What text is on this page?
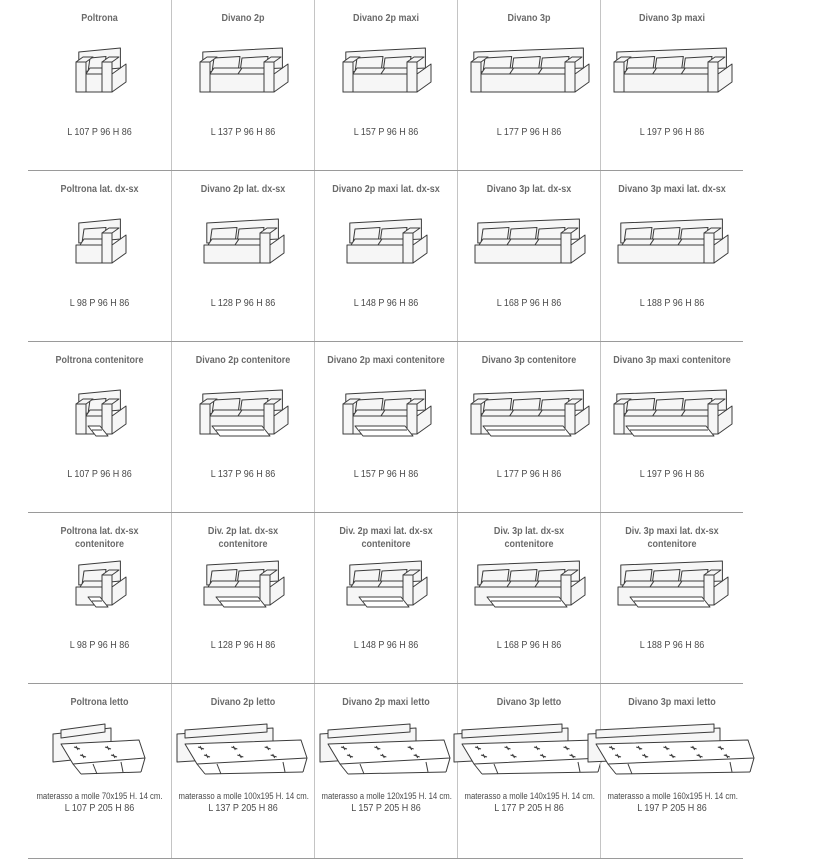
Poltrona
L 107 P 96 H 86
Divano 2p
L 137 P 96 H 86
Divano 2p maxi
L 157 P 96 H 86
Divano 3p
L 177 P 96 H 86
Divano 3p maxi
L 197 P 96 H 86
Poltrona lat. dx-sx
L 98 P 96 H 86
Divano 2p lat. dx-sx
L 128 P 96 H 86
Divano 2p maxi lat. dx-sx
L 148 P 96 H 86
Divano 3p lat. dx-sx
L 168 P 96 H 86
Divano 3p maxi lat. dx-sx
L 188 P 96 H 86
Poltrona contenitore
L 107 P 96 H 86
Divano 2p contenitore
L 137 P 96 H 86
Divano 2p maxi contenitore
L 157 P 96 H 86
Divano 3p contenitore
L 177 P 96 H 86
Divano 3p maxi contenitore
L 197 P 96 H 86
Poltrona lat. dx-sx
contenitore
L 98 P 96 H 86
Div. 2p lat. dx-sx
contenitore
L 128 P 96 H 86
Div. 2p maxi lat. dx-sx
contenitore
L 148 P 96 H 86
Div. 3p lat. dx-sx
contenitore
L 168 P 96 H 86
Div. 3p maxi lat. dx-sx
contenitore
L 188 P 96 H 86
Poltrona letto
materasso a molle 70x195 H. 14 cm.
L 107 P 205 H 86
Divano 2p letto
materasso a molle 100x195 H. 14 cm.
L 137 P 205 H 86
Divano 2p maxi letto
materasso a molle 120x195 H. 14 cm.
L 157 P 205 H 86
Divano 3p letto
materasso a molle 140x195 H. 14 cm.
L 177 P 205 H 86
Divano 3p maxi letto
materasso a molle 160x195 H. 14 cm.
L 197 P 205 H 86
